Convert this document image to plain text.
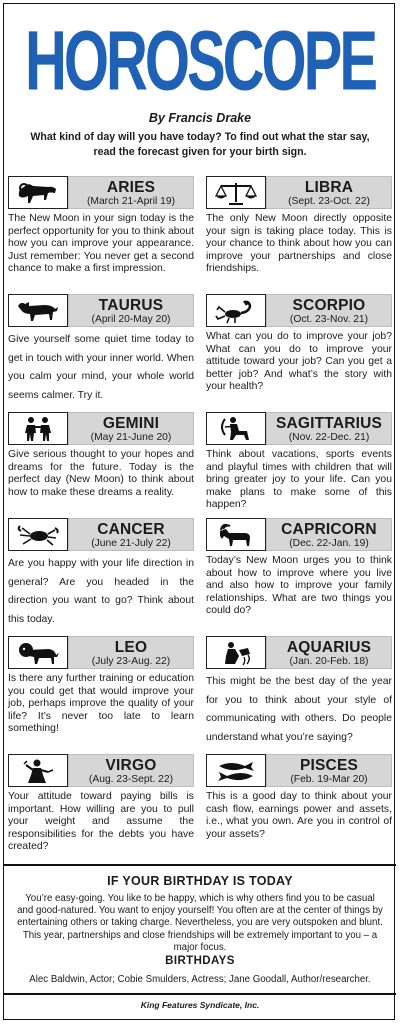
HOROSCOPE
By Francis Drake
What kind of day will you have today? To find out what the star say, read the forecast given for your birth sign.
ARIES
(March 21-April 19)

The New Moon in your sign today is the perfect opportunity for you to think about how you can improve your appearance. Just remember: You never get a second chance to make a first impression.

TAURUS
(April 20-May 20)

Give yourself some quiet time today to get in touch with your inner world. When you calm your mind, your whole world seems calmer. Try it.

GEMINI
(May 21-June 20)

Give serious thought to your hopes and dreams for the future. Today is the perfect day (New Moon) to think about how to make these dreams a reality.

CANCER
(June 21-July 22)

Are you happy with your life direction in general? Are you headed in the direction you want to go? Think about this today.

LEO
(July 23-Aug. 22)

Is there any further training or education you could get that would improve your job, perhaps improve the quality of your life? It’s never too late to learn something!

VIRGO
(Aug. 23-Sept. 22)

Your attitude toward paying bills is important. How willing are you to pull your weight and assume the responsibilities for the debts you have created?

LIBRA
(Sept. 23-Oct. 22)

The only New Moon directly opposite your sign is taking place today. This is your chance to think about how you can improve your partnerships and close friendships.

SCORPIO
(Oct. 23-Nov. 21)

What can you do to improve your job? What can you do to improve your attitude toward your job? Can you get a better job? And what’s the story with your health?

SAGITTARIUS
(Nov. 22-Dec. 21)

Think about vacations, sports events and playful times with children that will bring greater joy to your life. Can you make plans to make some of this happen?

CAPRICORN
(Dec. 22-Jan. 19)

Today’s New Moon urges you to think about how to improve where you live and also how to improve your family relationships. What are two things you could do?

AQUARIUS
(Jan. 20-Feb. 18)

This might be the best day of the year for you to think about your style of communicating with others. Do people understand what you’re saying?

PISCES
(Feb. 19-Mar 20)

This is a good day to think about your cash flow, earnings power and assets, i.e., what you own. Are you in control of your assets?

IF YOUR BIRTHDAY IS TODAY
You’re easy-going. You like to be happy, which is why others find you to be casual and good-natured. You want to enjoy yourself! You often are at the center of things by entertaining others or taking charge. Nevertheless, you are very outspoken and blunt. This year, partnerships and close friendships will be extremely important to you – a major focus.
BIRTHDAYS
Alec Baldwin, Actor; Cobie Smulders, Actress; Jane Goodall, Author/researcher.
King Features Syndicate, Inc.
